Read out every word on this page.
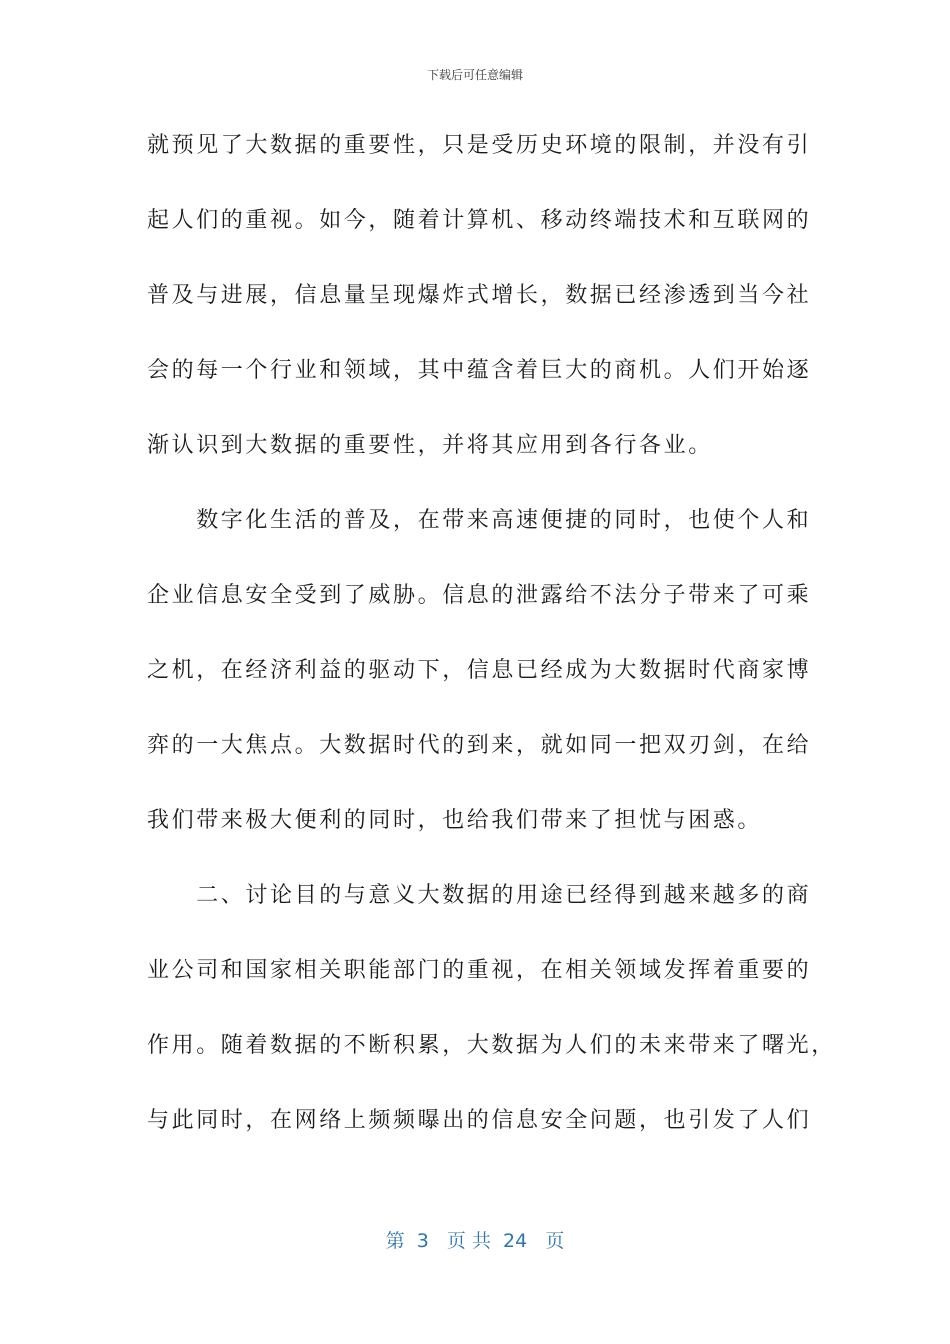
下载后可任意编辑
就预见了大数据的重要性，只是受历史环境的限制，并没有引
起人们的重视。如今，随着计算机、移动终端技术和互联网的
普及与进展，信息量呈现爆炸式增长，数据已经渗透到当今社
会的每一个行业和领域，其中蕴含着巨大的商机。人们开始逐
渐认识到大数据的重要性，并将其应用到各行各业。
　　数字化生活的普及，在带来高速便捷的同时，也使个人和
企业信息安全受到了威胁。信息的泄露给不法分子带来了可乘
之机，在经济利益的驱动下，信息已经成为大数据时代商家博
弈的一大焦点。大数据时代的到来，就如同一把双刃剑，在给
我们带来极大便利的同时，也给我们带来了担忧与困惑。
　　二、讨论目的与意义大数据的用途已经得到越来越多的商
业公司和国家相关职能部门的重视，在相关领域发挥着重要的
作用。随着数据的不断积累，大数据为人们的未来带来了曙光，
与此同时，在网络上频频曝出的信息安全问题，也引发了人们
第  3   页 共  24   页
